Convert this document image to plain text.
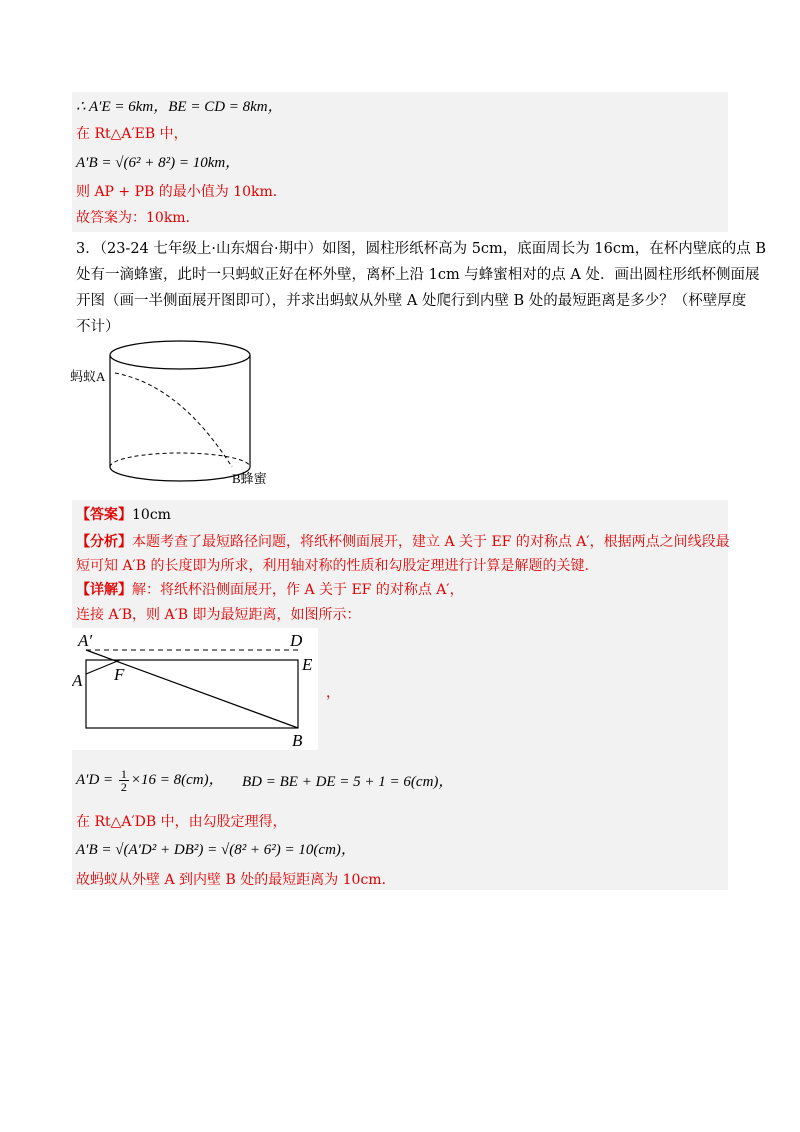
∴ A′E = 6km，BE = CD = 8km，
在 Rt△A′EB 中，
A′B = √(6² + 8²) = 10km，
则 AP + PB 的最小值为 10km．
故答案为：10km．
3．（23-24 七年级上·山东烟台·期中）如图，圆柱形纸杯高为 5cm，底面周长为 16cm，在杯内壁底的点 B
处有一滴蜂蜜，此时一只蚂蚁正好在杯外壁，离杯上沿 1cm 与蜂蜜相对的点 A 处．画出圆柱形纸杯侧面展
开图（画一半侧面展开图即可），并求出蚂蚁从外壁 A 处爬行到内壁 B 处的最短距离是多少？（杯壁厚度
不计）
蚂蚁A
B蜂蜜
【答案】10cm
【分析】本题考查了最短路径问题，将纸杯侧面展开，建立 A 关于 EF 的对称点 A′，根据两点之间线段最
短可知 A′B 的长度即为所求，利用轴对称的性质和勾股定理进行计算是解题的关键.
【详解】解：将纸杯沿侧面展开，作 A 关于 EF 的对称点 A′，
连接 A′B，则 A′B 即为最短距离，如图所示：
A′	D
E
A F
B
，
$A'D = \frac{1}{2} \times 16 = 8(cm)$， BD = BE + DE = 5 + 1 = 6(cm)，
在 Rt△A′DB 中，由勾股定理得，
A′B = √(A′D² + DB²) = √(8² + 6²) = 10(cm)，
故蚂蚁从外壁 A 到内壁 B 处的最短距离为 10cm．
